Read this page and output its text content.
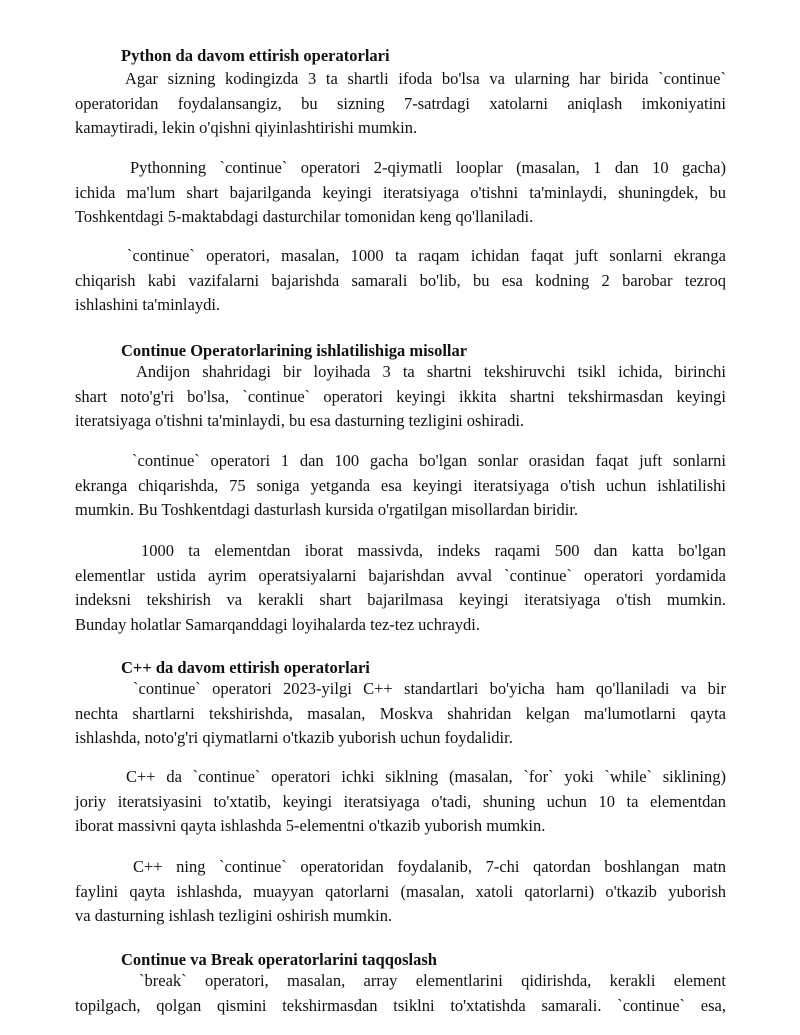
Python da davom ettirish operatorlari
Agar sizning kodingizda 3 ta shartli ifoda bo'lsa va ularning har birida `continue`
operatoridan foydalansangiz, bu sizning 7-satrdagi xatolarni aniqlash imkoniyatini
kamaytiradi, lekin o'qishni qiyinlashtirishi mumkin.
Pythonning `continue` operatori 2-qiymatli looplar (masalan, 1 dan 10 gacha)
ichida ma'lum shart bajarilganda keyingi iteratsiyaga o'tishni ta'minlaydi, shuningdek, bu
Toshkentdagi 5-maktabdagi dasturchilar tomonidan keng qo'llaniladi.
`continue` operatori, masalan, 1000 ta raqam ichidan faqat juft sonlarni ekranga
chiqarish kabi vazifalarni bajarishda samarali bo'lib, bu esa kodning 2 barobar tezroq
ishlashini ta'minlaydi.
Continue Operatorlarining ishlatilishiga misollar
Andijon shahridagi bir loyihada 3 ta shartni tekshiruvchi tsikl ichida, birinchi
shart noto'g'ri bo'lsa, `continue` operatori keyingi ikkita shartni tekshirmasdan keyingi
iteratsiyaga o'tishni ta'minlaydi, bu esa dasturning tezligini oshiradi.
`continue` operatori 1 dan 100 gacha bo'lgan sonlar orasidan faqat juft sonlarni
ekranga chiqarishda, 75 soniga yetganda esa keyingi iteratsiyaga o'tish uchun ishlatilishi
mumkin. Bu Toshkentdagi dasturlash kursida o'rgatilgan misollardan biridir.
1000 ta elementdan iborat massivda, indeks raqami 500 dan katta bo'lgan
elementlar ustida ayrim operatsiyalarni bajarishdan avval `continue` operatori yordamida
indeksni tekshirish va kerakli shart bajarilmasa keyingi iteratsiyaga o'tish mumkin.
Bunday holatlar Samarqanddagi loyihalarda tez-tez uchraydi.
C++ da davom ettirish operatorlari
`continue` operatori 2023-yilgi C++ standartlari bo'yicha ham qo'llaniladi va bir
nechta shartlarni tekshirishda, masalan, Moskva shahridan kelgan ma'lumotlarni qayta
ishlashda, noto'g'ri qiymatlarni o'tkazib yuborish uchun foydalidir.
C++ da `continue` operatori ichki siklning (masalan, `for` yoki `while` siklining)
joriy iteratsiyasini to'xtatib, keyingi iteratsiyaga o'tadi, shuning uchun 10 ta elementdan
iborat massivni qayta ishlashda 5-elementni o'tkazib yuborish mumkin.
C++ ning `continue` operatoridan foydalanib, 7-chi qatordan boshlangan matn
faylini qayta ishlashda, muayyan qatorlarni (masalan, xatoli qatorlarni) o'tkazib yuborish
va dasturning ishlash tezligini oshirish mumkin.
Continue va Break operatorlarini taqqoslash
`break` operatori, masalan, array elementlarini qidirishda, kerakli element
topilgach, qolgan qismini tekshirmasdan tsiklni to'xtatishda samarali. `continue` esa,
